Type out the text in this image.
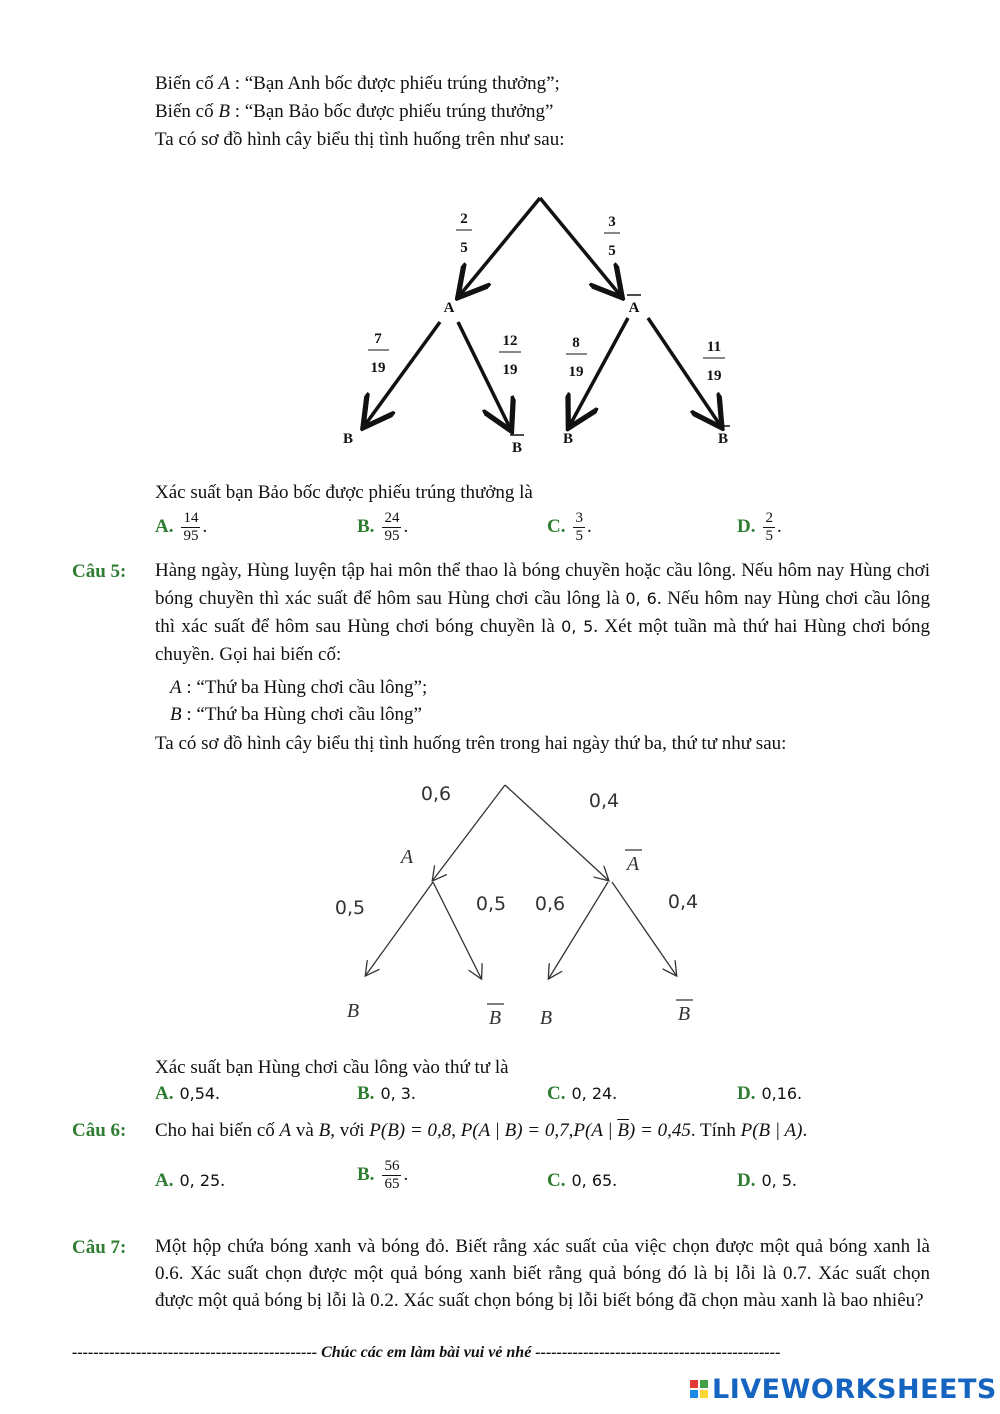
Biến cố A : “Bạn Anh bốc được phiếu trúng thưởng”;
Biến cố B : “Bạn Bảo bốc được phiếu trúng thưởng”
Ta có sơ đồ hình cây biểu thị tình huống trên như sau:
2
5
3
5
A	A
7
19
12
19
8
19
11
19
B
B
B	B
Xác suất bạn Bảo bốc được phiếu trúng thưởng là
A. $\frac{14}{95}$ .	B. $\frac{24}{95}$ .	C. $\frac{3}{5}$ .	D. $\frac{2}{5}$ .
Câu 5: Hàng ngày, Hùng luyện tập hai môn thể thao là bóng chuyền hoặc cầu lông. Nếu hôm nay Hùng chơi bóng chuyền thì xác suất để hôm sau Hùng chơi cầu lông là 0, 6. Nếu hôm nay Hùng chơi cầu lông thì xác suất để hôm sau Hùng chơi bóng chuyền là 0, 5. Xét một tuần mà thứ hai Hùng chơi bóng chuyền. Gọi hai biến cố:
A : “Thứ ba Hùng chơi cầu lông”;
B : “Thứ ba Hùng chơi cầu lông”
Ta có sơ đồ hình cây biểu thị tình huống trên trong hai ngày thứ ba, thứ tư như sau:
0,6	0,4
0,5	0,5 0,6	0,4
A	A
B	B B	B
Xác suất bạn Hùng chơi cầu lông vào thứ tư là
A. 0,54.	B. 0, 3.	C. 0, 24.	D. 0,16.
Câu 6: Cho hai biến cố A và B, với P(B) = 0,8, P(A | B) = 0,7,P(A | $\overline{B}) = 0,45$. Tính P(B | A).
A. 0, 25.	B. $\frac{56}{65}$ .	C. 0, 65.	D. 0, 5.
Câu 7: Một hộp chứa bóng xanh và bóng đỏ. Biết rằng xác suất của việc chọn được một quả bóng xanh là 0.6. Xác suất chọn được một quả bóng xanh biết rằng quả bóng đó là bị lỗi là 0.7. Xác suất chọn được một quả bóng bị lỗi là 0.2. Xác suất chọn bóng bị lỗi biết bóng đã chọn màu xanh là bao nhiêu?
---------------------------------------------- Chúc các em làm bài vui vẻ nhé ----------------------------------------------
LIVEWORKSHEETS
